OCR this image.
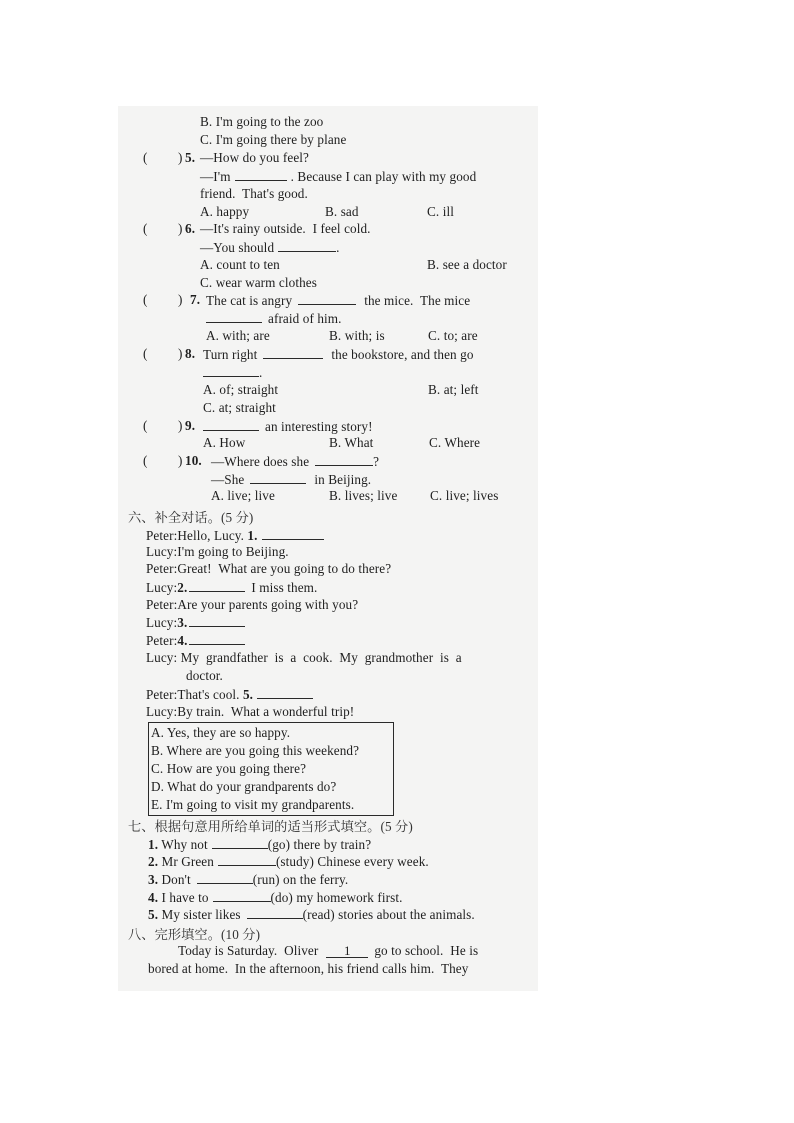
B. I'm going to the zoo
C. I'm going there by plane
( ) 5. —How do you feel?
—I'm	. Because I can play with my good
friend.  That's good.
A. happy	B. sad	C. ill
( ) 6. —It's rainy outside.  I feel cold.
—You should	.
A. count to ten	B. see a doctor
C. wear warm clothes
( ) 7. The cat is angry	the mice.  The mice
afraid of him.
A. with; are	B. with; is	C. to; are
( ) 8. Turn right	the bookstore, and then go
.
A. of; straight	B. at; left
C. at; straight
( ) 9.	an interesting story!
A. How	B. What	C. Where
( ) 10. —Where does she	?
—She	in Beijing.
A. live; live	B. lives; live C. live; lives
六、补全对话。(5 分)
Peter:Hello, Lucy. 1.
Lucy:I'm going to Beijing.
Peter:Great!  What are you going to do there?
Lucy:2.	I miss them.
Peter:Are your parents going with you?
Lucy:3.
Peter:4.
Lucy: My  grandfather  is  a  cook.  My  grandmother  is  a
doctor.
Peter:That's cool. 5.
Lucy:By train.  What a wonderful trip!
A. Yes, they are so happy.
B. Where are you going this weekend?
C. How are you going there?
D. What do your grandparents do?
E. I'm going to visit my grandparents.
七、根据句意用所给单词的适当形式填空。(5 分)
1. Why not	(go) there by train?
2. Mr Green	(study) Chinese every week.
3. Don't	(run) on the ferry.
4. I have to	(do) my homework first.
5. My sister likes	(read) stories about the animals.
八、完形填空。(10 分)
Today is Saturday.  Oliver 1 go to school.  He is
bored at home.  In the afternoon, his friend calls him.  They
